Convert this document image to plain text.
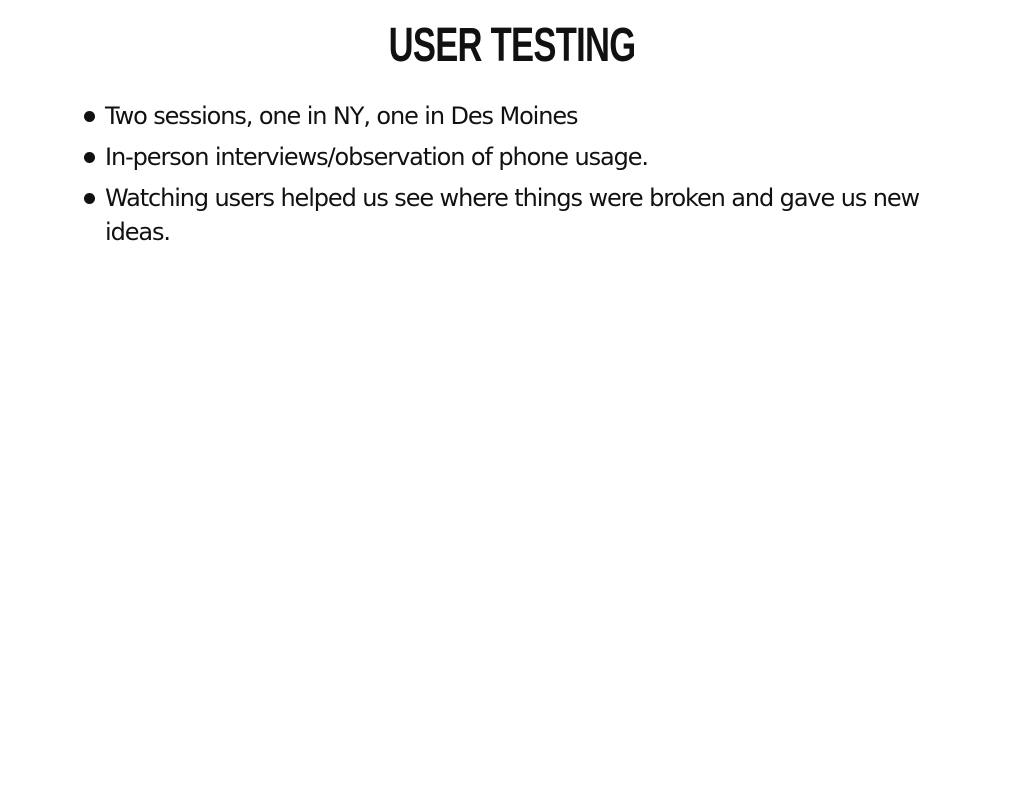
USER TESTING
Two sessions, one in NY, one in Des Moines
In-person interviews/observation of phone usage.
Watching users helped us see where things were broken and gave us new ideas.
